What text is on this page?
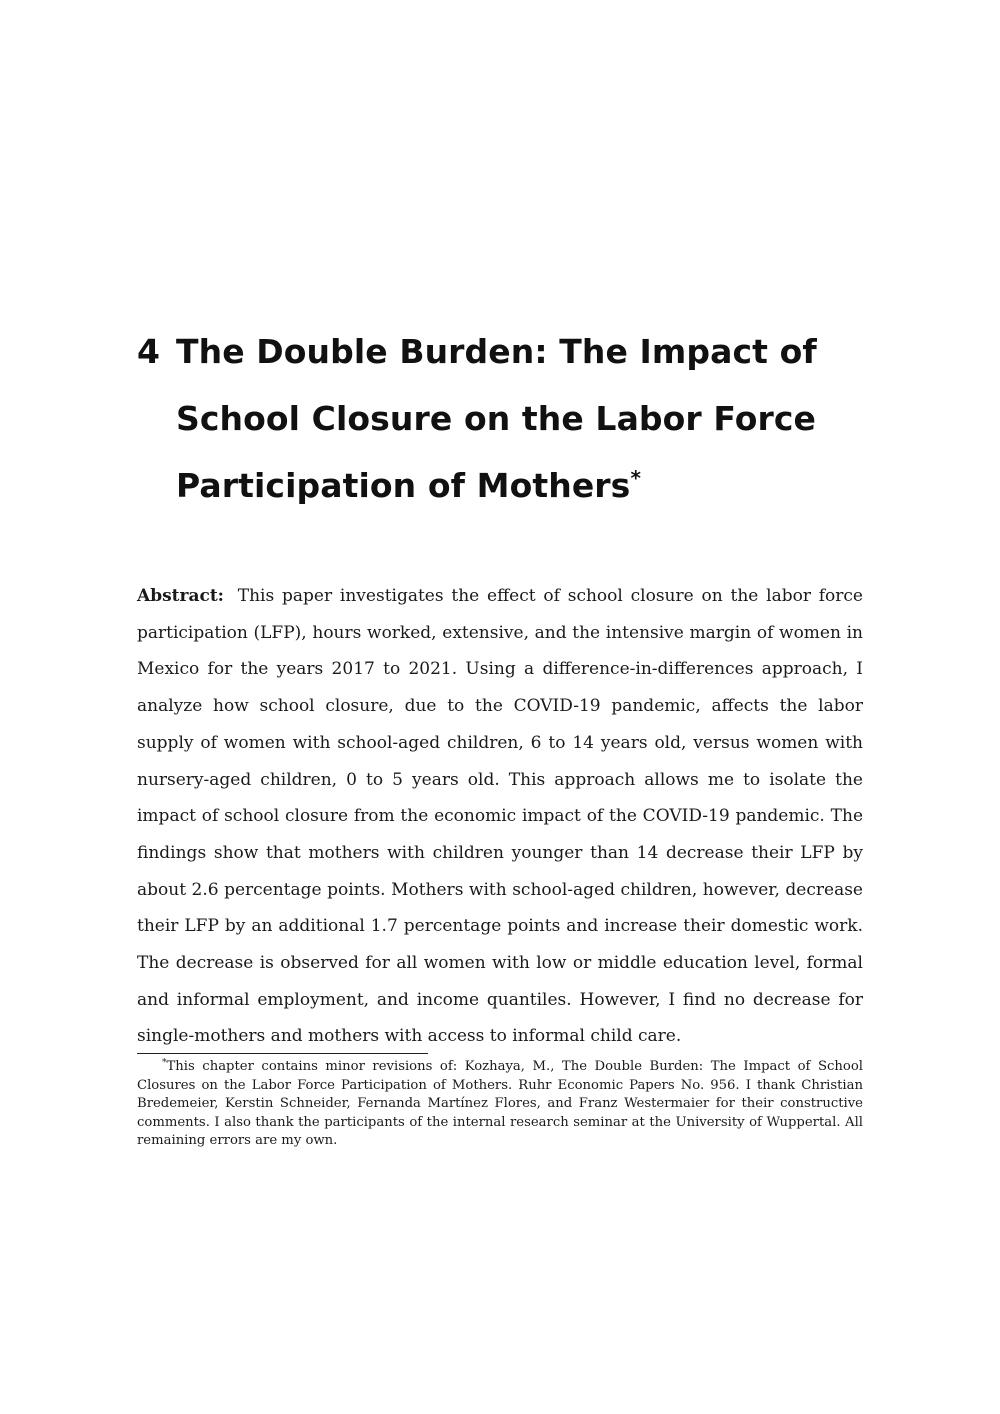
4 The Double Burden: The Impact of School Closure on the Labor Force Participation of Mothers*
Abstract: This paper investigates the effect of school closure on the labor force participation (LFP), hours worked, extensive, and the intensive margin of women in Mexico for the years 2017 to 2021. Using a difference-in-differences approach, I analyze how school closure, due to the COVID-19 pandemic, affects the labor supply of women with school-aged children, 6 to 14 years old, versus women with nursery-aged children, 0 to 5 years old. This approach allows me to isolate the impact of school closure from the economic impact of the COVID-19 pandemic. The findings show that mothers with children younger than 14 decrease their LFP by about 2.6 percentage points. Mothers with school-aged children, however, decrease their LFP by an additional 1.7 percentage points and increase their domestic work. The decrease is observed for all women with low or middle education level, formal and informal employment, and income quantiles. However, I find no decrease for single-mothers and mothers with access to informal child care.
*This chapter contains minor revisions of: Kozhaya, M., The Double Burden: The Impact of School Closures on the Labor Force Participation of Mothers. Ruhr Economic Papers No. 956. I thank Christian Bredemeier, Kerstin Schneider, Fernanda Martínez Flores, and Franz Westermaier for their constructive comments. I also thank the participants of the internal research seminar at the University of Wuppertal. All remaining errors are my own.
